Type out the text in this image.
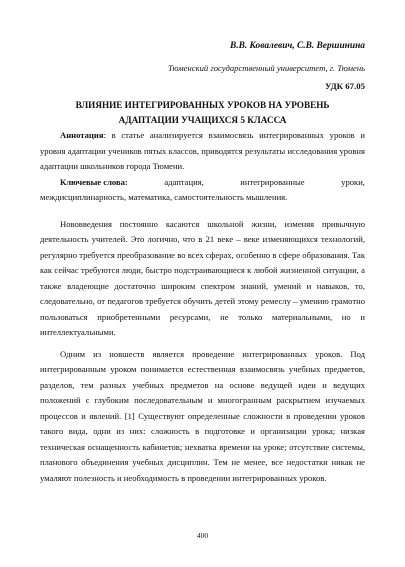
В.В. Ковалевич, С.В. Вершинина
Тюменский государственный университет, г. Тюмень
УДК 67.05
ВЛИЯНИЕ ИНТЕГРИРОВАННЫХ УРОКОВ НА УРОВЕНЬ
АДАПТАЦИИ УЧАЩИХСЯ 5 КЛАССА
Аннотация: в статье анализируется взаимосвязь интегрированных уроков и уровня адаптации учеников пятых классов, приводятся результаты исследования уровня адаптации школьников города Тюмени.
Ключевые слова:	адаптация,	интегрированные	уроки,
междисциплинарность, математика, самостоятельность мышления.
Нововведения постоянно касаются школьной жизни, изменяя привычную деятельность учителей. Это логично, что в 21 веке – веке изменяющихся технологий, регулярно требуется преобразование во всех сферах, особенно в сфере образования. Так как сейчас требуются люди, быстро подстраивающиеся к любой жизненной ситуации, а также владеющие достаточно широким спектром знаний, умений и навыков, то, следовательно, от педагогов требуется обучить детей этому ремеслу – умению грамотно пользоваться приобретенными ресурсами, не только материальными, но и интеллектуальными.
Одним из новшеств является проведение интегрированных уроков. Под интегрированным уроком понимается естественная взаимосвязь учебных предметов, разделов, тем разных учебных предметов на основе ведущей идеи и ведущих положений с глубоким последовательным и многогранным раскрытием изучаемых процессов и явлений. [1] Существуют определенные сложности в проведении уроков такого вида, одни из них: сложность в подготовке и организации урока; низкая техническая оснащенность кабинетов; нехватка времени на уроке; отсутствие системы, планового объединения учебных дисциплин. Тем не менее, все недостатки никак не умаляют полезность и необходимость в проведении интегрированных уроков.
400
